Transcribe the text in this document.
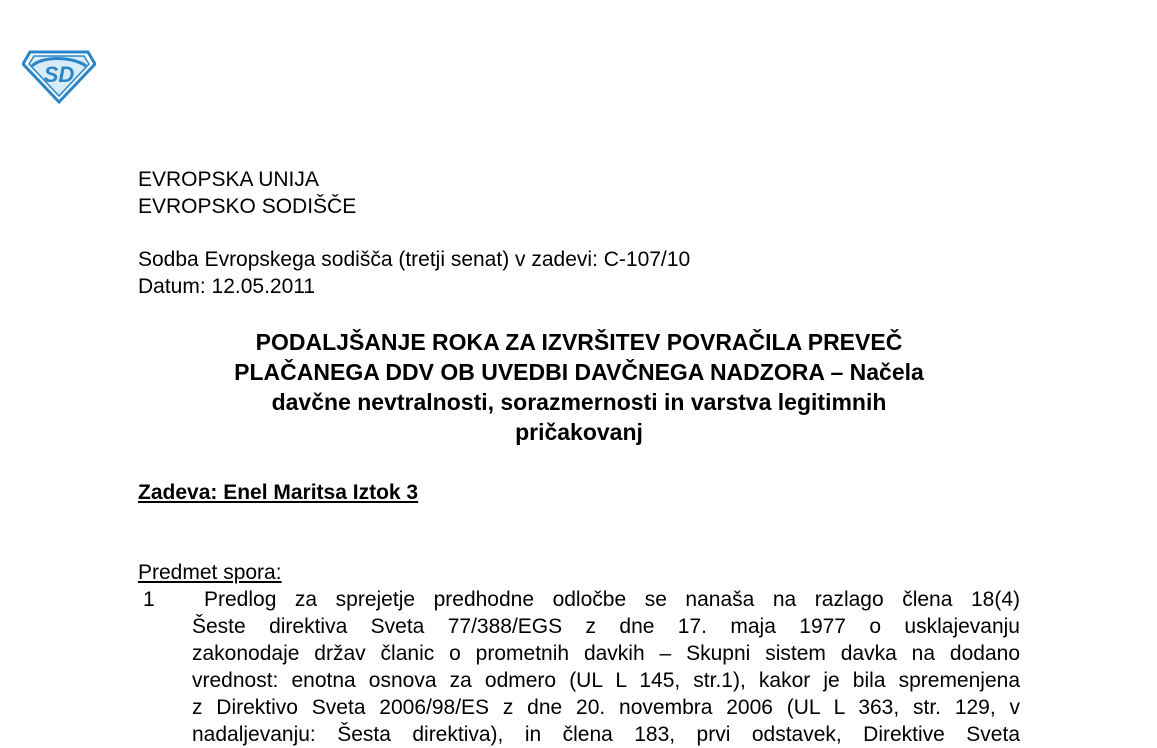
SD
EVROPSKA UNIJA
EVROPSKO SODIŠČE
Sodba Evropskega sodišča (tretji senat) v zadevi: C-107/10
Datum: 12.05.2011
PODALJŠANJE ROKA ZA IZVRŠITEV POVRAČILA PREVEČ
PLAČANEGA DDV OB UVEDBI DAVČNEGA NADZORA – Načela
davčne nevtralnosti, sorazmernosti in varstva legitimnih
pričakovanj
Zadeva: Enel Maritsa Iztok 3
Predmet spora:
1	Predlog za sprejetje predhodne odločbe se nanaša na razlago člena 18(4)
Šeste direktiva Sveta 77/388/EGS z dne 17. maja 1977 o usklajevanju
zakonodaje držav članic o prometnih davkih – Skupni sistem davka na dodano
vrednost: enotna osnova za odmero (UL L 145, str.1), kakor je bila spremenjena
z Direktivo Sveta 2006/98/ES z dne 20. novembra 2006 (UL L 363, str. 129, v
nadaljevanju: Šesta direktiva), in člena 183, prvi odstavek, Direktive Sveta
